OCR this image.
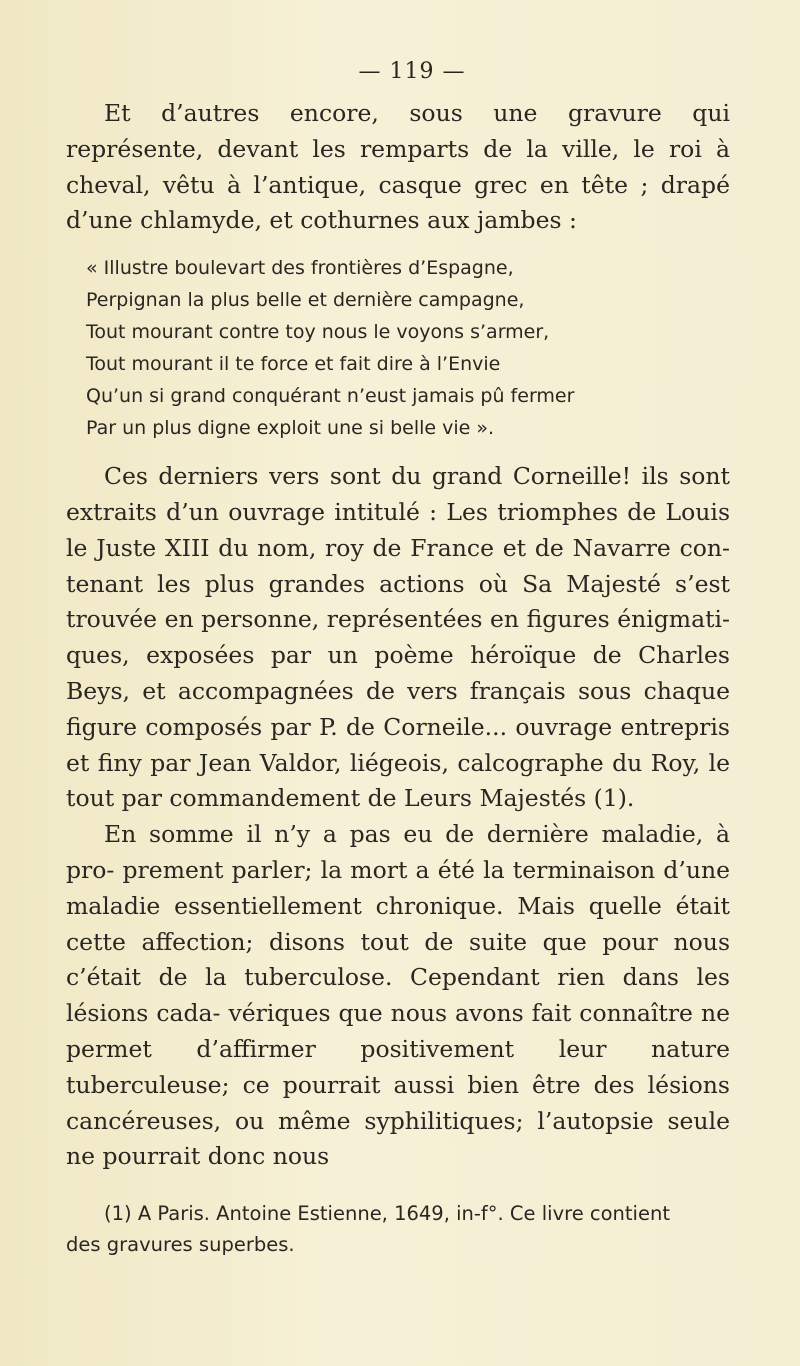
— 119 —

Et d’autres encore, sous une gravure qui représente, devant les remparts de la ville, le roi à cheval, vêtu à l’antique, casque grec en tête ; drapé d’une chlamyde, et cothurnes aux jambes :

« Illustre boulevart des frontières d’Espagne,
Perpignan la plus belle et dernière campagne,
Tout mourant contre toy nous le voyons s’armer,
Tout mourant il te force et fait dire à l’Envie
Qu’un si grand conquérant n’eust jamais pû fermer
Par un plus digne exploit une si belle vie ».

Ces derniers vers sont du grand Corneille! ils sont extraits d’un ouvrage intitulé : Les triomphes de Louis le Juste XIII du nom, roy de France et de Navarre con- tenant les plus grandes actions où Sa Majesté s’est trouvée en personne, représentées en figures énigmati- ques, exposées par un poème héroïque de Charles Beys, et accompagnées de vers français sous chaque figure composés par P. de Corneile... ouvrage entrepris et finy par Jean Valdor, liégeois, calcographe du Roy, le tout par commandement de Leurs Majestés (1).

En somme il n’y a pas eu de dernière maladie, à pro- prement parler; la mort a été la terminaison d’une maladie essentiellement chronique. Mais quelle était cette affection; disons tout de suite que pour nous c’était de la tuberculose. Cependant rien dans les lésions cada- vériques que nous avons fait connaître ne permet d’affirmer positivement leur nature tuberculeuse; ce pourrait aussi bien être des lésions cancéreuses, ou même syphilitiques; l’autopsie seule ne pourrait donc nous

(1) A Paris. Antoine Estienne, 1649, in-f°. Ce livre contient
des gravures superbes.
